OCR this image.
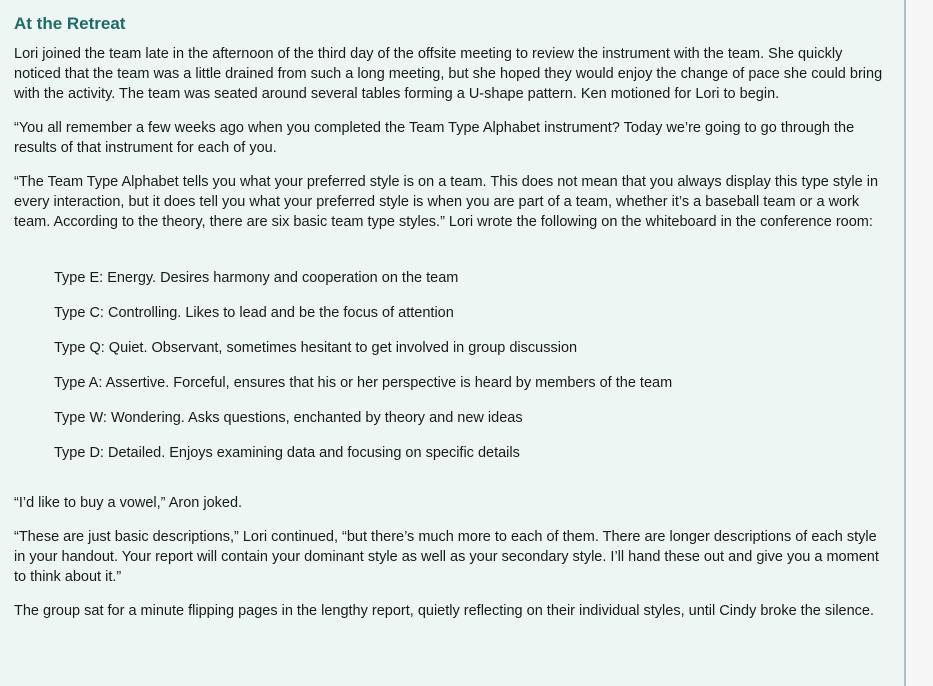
At the Retreat

Lori joined the team late in the afternoon of the third day of the offsite meeting to review the instrument with the team. She quickly noticed that the team was a little drained from such a long meeting, but she hoped they would enjoy the change of pace she could bring with the activity. The team was seated around several tables forming a U-shape pattern. Ken motioned for Lori to begin.

“You all remember a few weeks ago when you completed the Team Type Alphabet instrument? Today we’re going to go through the results of that instrument for each of you.

“The Team Type Alphabet tells you what your preferred style is on a team. This does not mean that you always display this type style in every interaction, but it does tell you what your preferred style is when you are part of a team, whether it’s a baseball team or a work team. According to the theory, there are six basic team type styles.” Lori wrote the following on the whiteboard in the conference room:

Type E: Energy. Desires harmony and cooperation on the team
Type C: Controlling. Likes to lead and be the focus of attention
Type Q: Quiet. Observant, sometimes hesitant to get involved in group discussion
Type A: Assertive. Forceful, ensures that his or her perspective is heard by members of the team
Type W: Wondering. Asks questions, enchanted by theory and new ideas
Type D: Detailed. Enjoys examining data and focusing on specific details

“I’d like to buy a vowel,” Aron joked.

“These are just basic descriptions,” Lori continued, “but there’s much more to each of them. There are longer descriptions of each style in your handout. Your report will contain your dominant style as well as your secondary style. I’ll hand these out and give you a moment to think about it.”

The group sat for a minute flipping pages in the lengthy report, quietly reflecting on their individual styles, until Cindy broke the silence.
